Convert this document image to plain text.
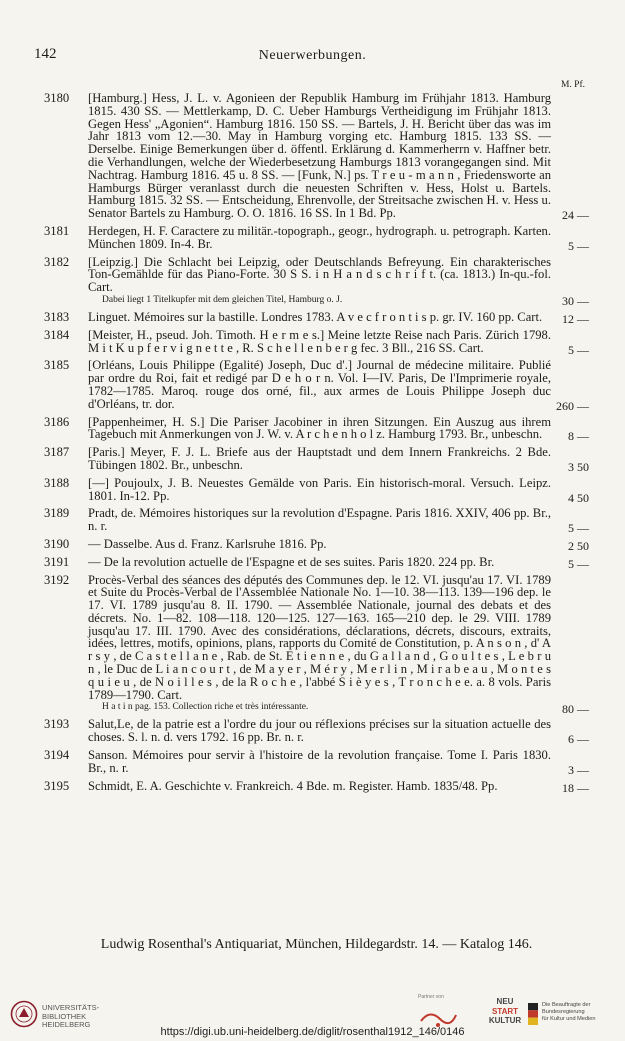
142	Neuerwerbungen.
M. Pf.
3180	[Hamburg.] Hess, J. L. v. Agonieen der Republik Hamburg im Frühjahr 1813. Hamburg 1815. 430 SS. — Mettlerkamp, D. C. Ueber Hamburgs Vertheidigung im Frühjahr 1813. Gegen Hess' „Agonien“. Hamburg 1816. 150 SS. — Bartels, J. H. Bericht über das was im Jahr 1813 vom 12.—30. May in Hamburg vorging etc. Hamburg 1815. 133 SS. — Derselbe. Einige Bemerkungen über d. öffentl. Erklärung d. Kammerherrn v. Haffner betr. die Verhandlungen, welche der Wiederbesetzung Hamburgs 1813 vorangegangen sind. Mit Nachtrag. Hamburg 1816. 45 u. 8 SS. — [Funk, N.] ps. T r e u - m a n n , Friedensworte an Hamburgs Bürger veranlasst durch die neuesten Schriften v. Hess, Holst u. Bartels. Hamburg 1815. 32 SS. — Entscheidung, Ehrenvolle, der Streitsache zwischen H. v. Hess u. Senator Bartels zu Hamburg. O. O. 1816. 16 SS. In 1 Bd. Pp.	24 —
3181	Herdegen, H. F. Caractere zu militär.-topograph., geogr., hydrograph. u. petrograph. Karten. München 1809. In-4. Br.	5 —
3182	[Leipzig.] Die Schlacht bei Leipzig, oder Deutschlands Befreyung. Ein charakterisches Ton-Gemählde für das Piano-Forte. 30 S S. i n H a n d s c h r i f t. (ca. 1813.) In-qu.-fol. Cart.
Dabei liegt 1 Titelkupfer mit dem gleichen Titel, Hamburg o. J.	30 —
3183	Linguet. Mémoires sur la bastille. Londres 1783. A v e c f r o n t i s p. gr. IV. 160 pp. Cart.	12 —
3184	[Meister, H., pseud. Joh. Timoth. H e r m e s.] Meine letzte Reise nach Paris. Zürich 1798. M i t K u p f e r v i g n e t t e , R. S c h e l l e n b e r g fec. 3 Bll., 216 SS. Cart.	5 —
3185	[Orléans, Louis Philippe (Egalité) Joseph, Duc d'.] Journal de médecine militaire. Publié par ordre du Roi, fait et redigé par D e h o r n. Vol. I—IV. Paris, De l'Imprimerie royale, 1782—1785. Maroq. rouge dos orné, fil., aux armes de Louis Philippe Joseph duc d'Orléans, tr. dor.	260 —
3186	[Pappenheimer, H. S.] Die Pariser Jacobiner in ihren Sitzungen. Ein Auszug aus ihrem Tagebuch mit Anmerkungen von J. W. v. A r c h e n h o l z. Hamburg 1793. Br., unbeschn.	8 —
3187	[Paris.] Meyer, F. J. L. Briefe aus der Hauptstadt und dem Innern Frankreichs. 2 Bde. Tübingen 1802. Br., unbeschn.	3 50
3188	[—] Poujoulx, J. B. Neuestes Gemälde von Paris. Ein historisch-moral. Versuch. Leipz. 1801. In-12. Pp.	4 50
3189	Pradt, de. Mémoires historiques sur la revolution d'Espagne. Paris 1816. XXIV, 406 pp. Br., n. r.	5 —
3190	— Dasselbe. Aus d. Franz. Karlsruhe 1816. Pp.	2 50
3191	— De la revolution actuelle de l'Espagne et de ses suites. Paris 1820. 224 pp. Br.	5 —
3192	Procès-Verbal des séances des députés des Communes dep. le 12. VI. jusqu'au 17. VI. 1789 et Suite du Procès-Verbal de l'Assemblée Nationale No. 1—10. 38—113. 139—196 dep. le 17. VI. 1789 jusqu'au 8. II. 1790. — Assemblée Nationale, journal des debats et des décrets. No. 1—82. 108—118. 120—125. 127—163. 165—210 dep. le 29. VIII. 1789 jusqu'au 17. III. 1790. Avec des considérations, déclarations, décrets, discours, extraits, idées, lettres, motifs, opinions, plans, rapports du Comité de Constitution, p. A n s o n , d' A r s y , de C a s t e l l a n e , Rab. de St. E t i e n n e , du G a l l a n d , G o u l t e s , L e b r u n , le Duc de L i a n c o u r t , de M a y e r , M é r y , M e r l i n , M i r a b e a u , M o n t e s q u i e u , de N o i l l e s , de la R o c h e , l'abbé S i è y e s , T r o n c h e e. a. 8 vols. Paris 1789—1790. Cart.
H a t i n pag. 153. Collection riche et très intéressante.	80 —
3193	Salut,Le, de la patrie est a l'ordre du jour ou réflexions précises sur la situation actuelle des choses. S. l. n. d. vers 1792. 16 pp. Br. n. r.	6 —
3194	Sanson. Mémoires pour servir à l'histoire de la revolution française. Tome I. Paris 1830. Br., n. r.	3 —
3195	Schmidt, E. A. Geschichte v. Frankreich. 4 Bde. m. Register. Hamb. 1835/48. Pp.	18 —
Ludwig Rosenthal's Antiquariat, München, Hildegardstr. 14. — Katalog 146.
UNIVERSITÄTS-
BIBLIOTHEK
HEIDELBERG
Partner von	NEU
START
KULTUR
Die Beauftragte der Bundesregierung
für Kultur und Medien
https://digi.ub.uni-heidelberg.de/diglit/rosenthal1912_146/0146
